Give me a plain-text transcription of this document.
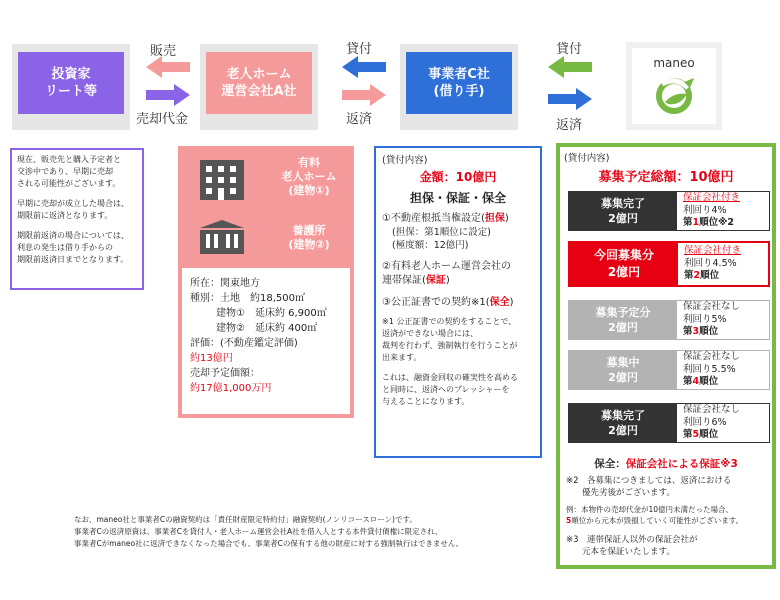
投資家
リート等
老人ホーム
運営会社A社
事業者C社
(借り手)
maneo
販売
売却代金
貸付
返済
貸付
返済
現在、販売先と購入予定者と
交渉中であり、早期に売却
される可能性がございます。
早期に売却が成立した場合は、
期限前に返済となります。
期限前返済の場合については、
利息の発生は借り手からの
期限前返済日までとなります。
有料
老人ホーム
(建物①)
養護所
(建物②)
所在：関東地方
種別：土地　約18,500㎡
建物①　延床約 6,900㎡
建物②　延床約 400㎡
評価：(不動産鑑定評価)
約13億円
売却予定価額：
約17億1,000万円
(貸付内容)
金額：10億円
担保・保証・保全
①不動産根抵当権設定(担保)
(担保：第1順位に設定)
(極度額：12億円)
②有料老人ホーム運営会社の
連帯保証(保証)
③公正証書での契約※1(保全)
※1 公正証書での契約をすることで、
返済ができない場合には、
裁判を行わず、強制執行を行うことが
出来ます。
これは、融資金回収の確実性を高める
と同時に、返済へのプレッシャーを
与えることになります。
(貸付内容)
募集予定総額：10億円
募集完了
2億円
保証会社付き
利回り4%
第1順位※2
今回募集分
2億円
保証会社付き
利回り4.5%
第2順位
募集予定分
2億円
保証会社なし
利回り5%
第3順位
募集中
2億円
保証会社なし
利回り5.5%
第4順位
募集完了
2億円
保証会社なし
利回り6%
第5順位
保全：保証会社による保証※3
※2　各募集につきましては、返済における
優先劣後がございます。
例：本物件の売却代金が10億円未満だった場合、
5順位から元本が毀損していく可能性がございます。
※3　連帯保証人以外の保証会社が
元本を保証いたします。
なお、maneo社と事業者Cの融資契約は「責任財産限定特約付」融資契約(ノンリコースローン)です。
事業者Cの返済原資は、事業者Cを貸付人・老人ホーム運営会社A社を借入人とする本件貸付債権に限定され、
事業者Cがmaneo社に返済できなくなった場合でも、事業者Cの保有する他の財産に対する強制執行はできません。
